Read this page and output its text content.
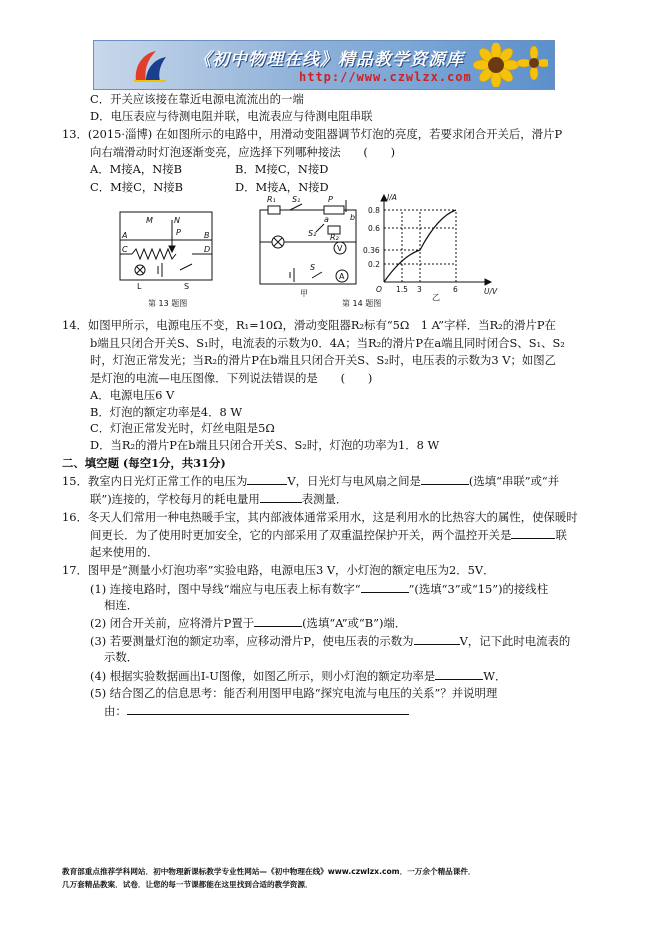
《初中物理在线》精品教学资源库
http://www.czwlzx.com
C．开关应该接在靠近电源电流流出的一端
D．电压表应与待测电阻并联，电流表应与待测电阻串联
13．(2015·淄博) 在如图所示的电路中，用滑动变阻器调节灯泡的亮度，若要求闭合开关后，滑片P
向右端滑动时灯泡逐渐变亮，应选择下列哪种接法　　(　　)
A．M接A，N接B	B．M接C，N接D
C．M接C，N接B	D．M接A，N接D
M	N
A	B
C	D
P
L	S
第 13 题图
R₁ S₁	P
b
a
S₂ R₂
V
A
S
甲
第 14 题图
I/A
U/V
O
0.8
0.6
0.36
0.2
1.5 3	6
乙
14．如图甲所示，电源电压不变，R₁=10Ω，滑动变阻器R₂标有“5Ω　1 A”字样．当R₂的滑片P在
b端且只闭合开关S、S₁时，电流表的示数为0．4A；当R₂的滑片P在a端且同时闭合S、S₁、S₂
时，灯泡正常发光；当R₂的滑片P在b端且只闭合开关S、S₂时，电压表的示数为3 V；如图乙
是灯泡的电流—电压图像．下列说法错误的是　　(　　)
A．电源电压6 V
B．灯泡的额定功率是4．8 W
C．灯泡正常发光时，灯丝电阻是5Ω
D．当R₂的滑片P在b端且只闭合开关S、S₂时，灯泡的功率为1．8 W
二、填空题 (每空1分，共31分)
15．教室内日光灯正常工作的电压为	V，日光灯与电风扇之间是	(选填“串联”或“并
联”)连接的，学校每月的耗电量用	表测量．
16．冬天人们常用一种电热暖手宝，其内部液体通常采用水，这是利用水的比热容大的属性，使保暖时
间更长．为了使用时更加安全，它的内部采用了双重温控保护开关，两个温控开关是	联
起来使用的．
17．图甲是“测量小灯泡功率”实验电路，电源电压3 V，小灯泡的额定电压为2．5V．
(1) 连接电路时，图中导线“端应与电压表上标有数字“	”(选填“3”或“15”)的接线柱
相连．
(2) 闭合开关前，应将滑片P置于	(选填“A”或“B”)端．
(3) 若要测量灯泡的额定功率，应移动滑片P，使电压表的示数为	V，记下此时电流表的
示数．
(4) 根据实验数据画出I-U图像，如图乙所示，则小灯泡的额定功率是	W．
(5) 结合图乙的信息思考：能否利用图甲电路“探究电流与电压的关系”？并说明理
由：
教育部重点推荐学科网站．初中物理新课标教学专业性网站—《初中物理在线》www.czwlzx.com．一万余个精品课件．
几万套精品教案．试卷．让您的每一节课都能在这里找到合适的教学资源．
